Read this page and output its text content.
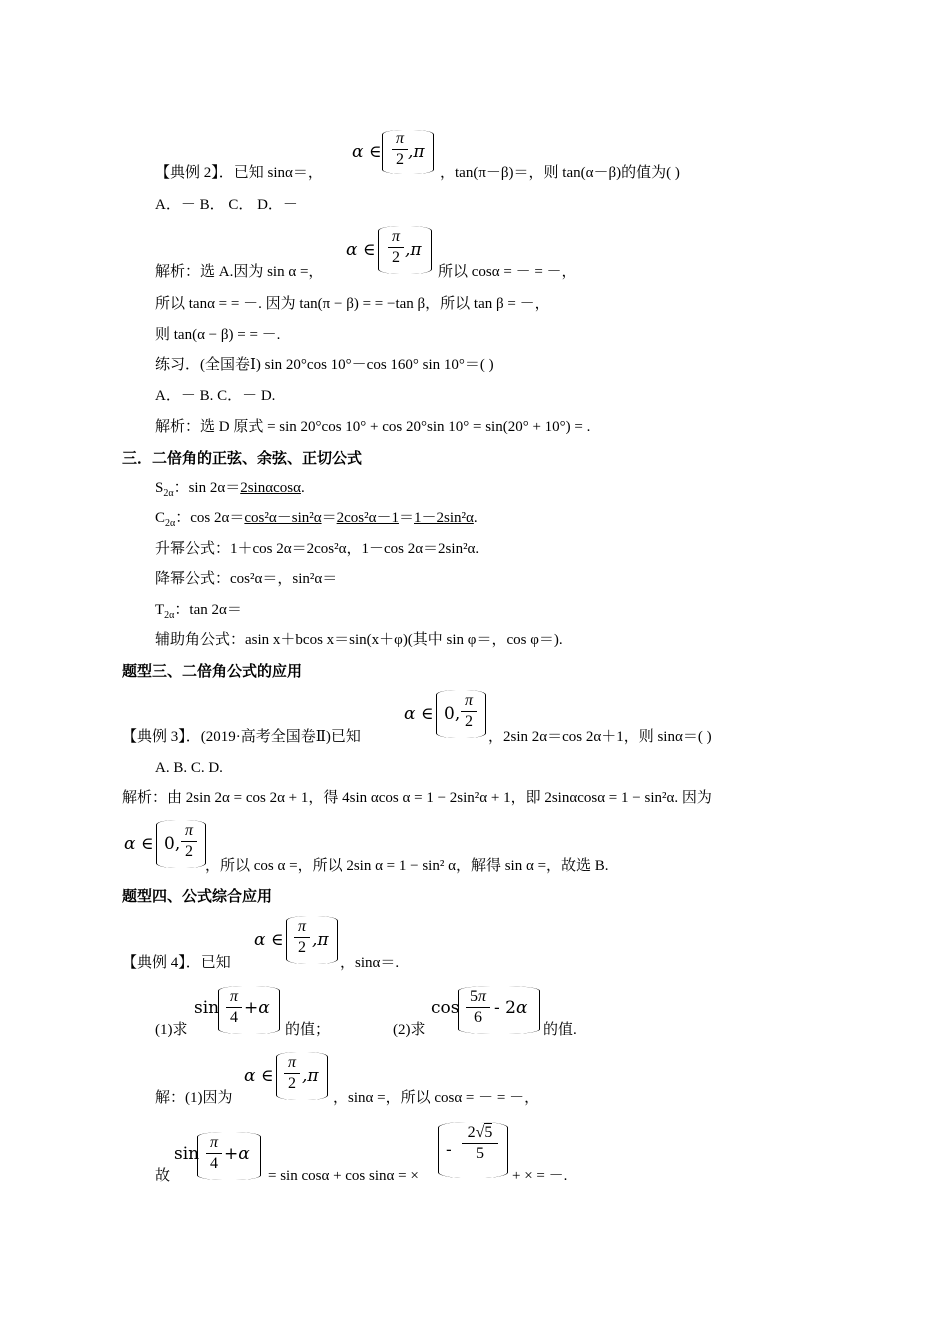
α ∈
π
2 ,π
【典例 2】．已知 sinα＝，	，tan(π－β)＝，则 tan(α－β)的值为( )
A．－ B． C． D．－
α ∈
π
2 ,π
解析：选 A.因为 sin α =，	所以 cosα = － = －，
所以 tanα = = －. 因为 tan(π − β) = = −tan β，所以 tan β = －，
则 tan(α − β) = = －.
练习．(全国卷Ⅰ) sin 20°cos 10°－cos 160° sin 10°＝( )
A．－ B. C．－ D.
解析：选 D 原式 = sin 20°cos 10° + cos 20°sin 10° = sin(20° + 10°) = .
三．二倍角的正弦、余弦、正切公式
$S_{2\alpha}$：sin 2α＝2sinαcosα.
$C_{2\alpha}$：cos 2α＝cos²α－sin²α＝2cos²α－1＝1－2sin²α.
升幂公式：1＋cos 2α＝2cos²α，1－cos 2α＝2sin²α.
降幂公式：cos²α＝，sin²α＝
$T_{2\alpha}$：tan 2α＝
辅助角公式：asin x＋bcos x＝sin(x＋φ)(其中 sin φ＝，cos φ＝).
题型三、二倍角公式的应用
α ∈ 0,
π
2
【典例 3】．(2019·高考全国卷Ⅱ)已知	，2sin 2α＝cos 2α＋1，则 sinα＝( )
A. B. C. D.
解析：由 2sin 2α = cos 2α + 1，得 4sin αcos α = 1 − 2sin²α + 1，即 2sinαcosα = 1 − sin²α. 因为
α ∈ 0,
π
2
，所以 cos α =，所以 2sin α = 1 − sin² α，解得 sin α =，故选 B.
题型四、公式综合应用
α ∈
π
2 ,π
【典例 4】．已知	，sinα＝.
sin
π
4 +α
(1)求	的值；
cos
5π
6 - 2α
(2)求	的值.
α ∈
π
2 ,π
解：(1)因为	，sinα =，所以 cosα = － = －，
sin
π
4 +α
故	= sin cosα + cos sinα = ×
-
2√5
5
+ × = －.
